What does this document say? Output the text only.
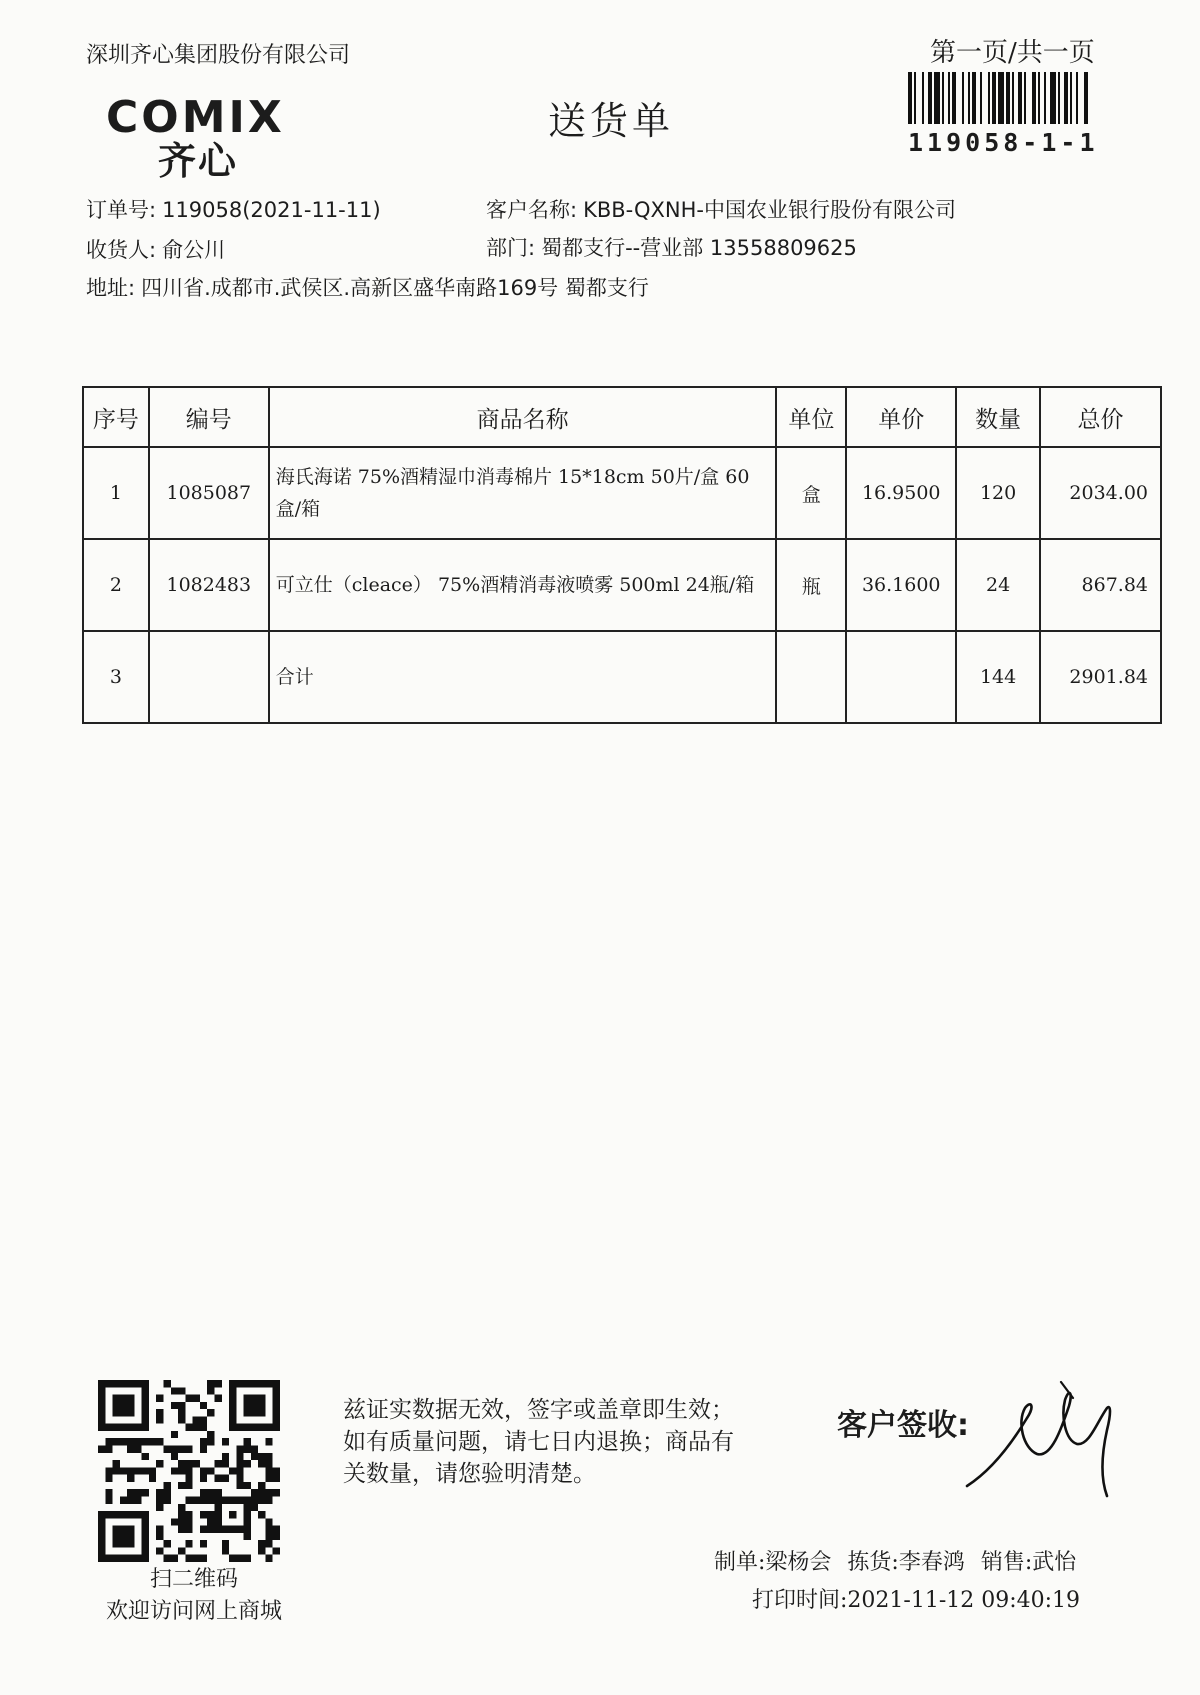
深圳齐心集团股份有限公司
COMIX
齐心
送货单
第一页/共一页
119058-1-1
订单号: 119058(2021-11-11)	客户名称: KBB-QXNH-中国农业银行股份有限公司
收货人: 俞公川	部门: 蜀都支行--营业部 13558809625
地址: 四川省.成都市.武侯区.高新区盛华南路169号 蜀都支行
序号	编号	商品名称	单位	单价	数量	总价
1	1085087	海氏海诺 75%酒精湿巾消毒棉片 15*18cm 50片/盒 60盒/箱	盒	16.9500	120	2034.00
2	1082483	可立仕（cleace） 75%酒精消毒液喷雾 500ml 24瓶/箱	瓶	36.1600	24	867.84
3		合计			144	2901.84
扫二维码
欢迎访问网上商城
兹证实数据无效，签字或盖章即生效；如有质量问题，请七日内退换；商品有关数量，请您验明清楚。
客户签收:
制单:梁杨会 拣货:李春鸿 销售:武怡
打印时间:2021-11-12 09:40:19
